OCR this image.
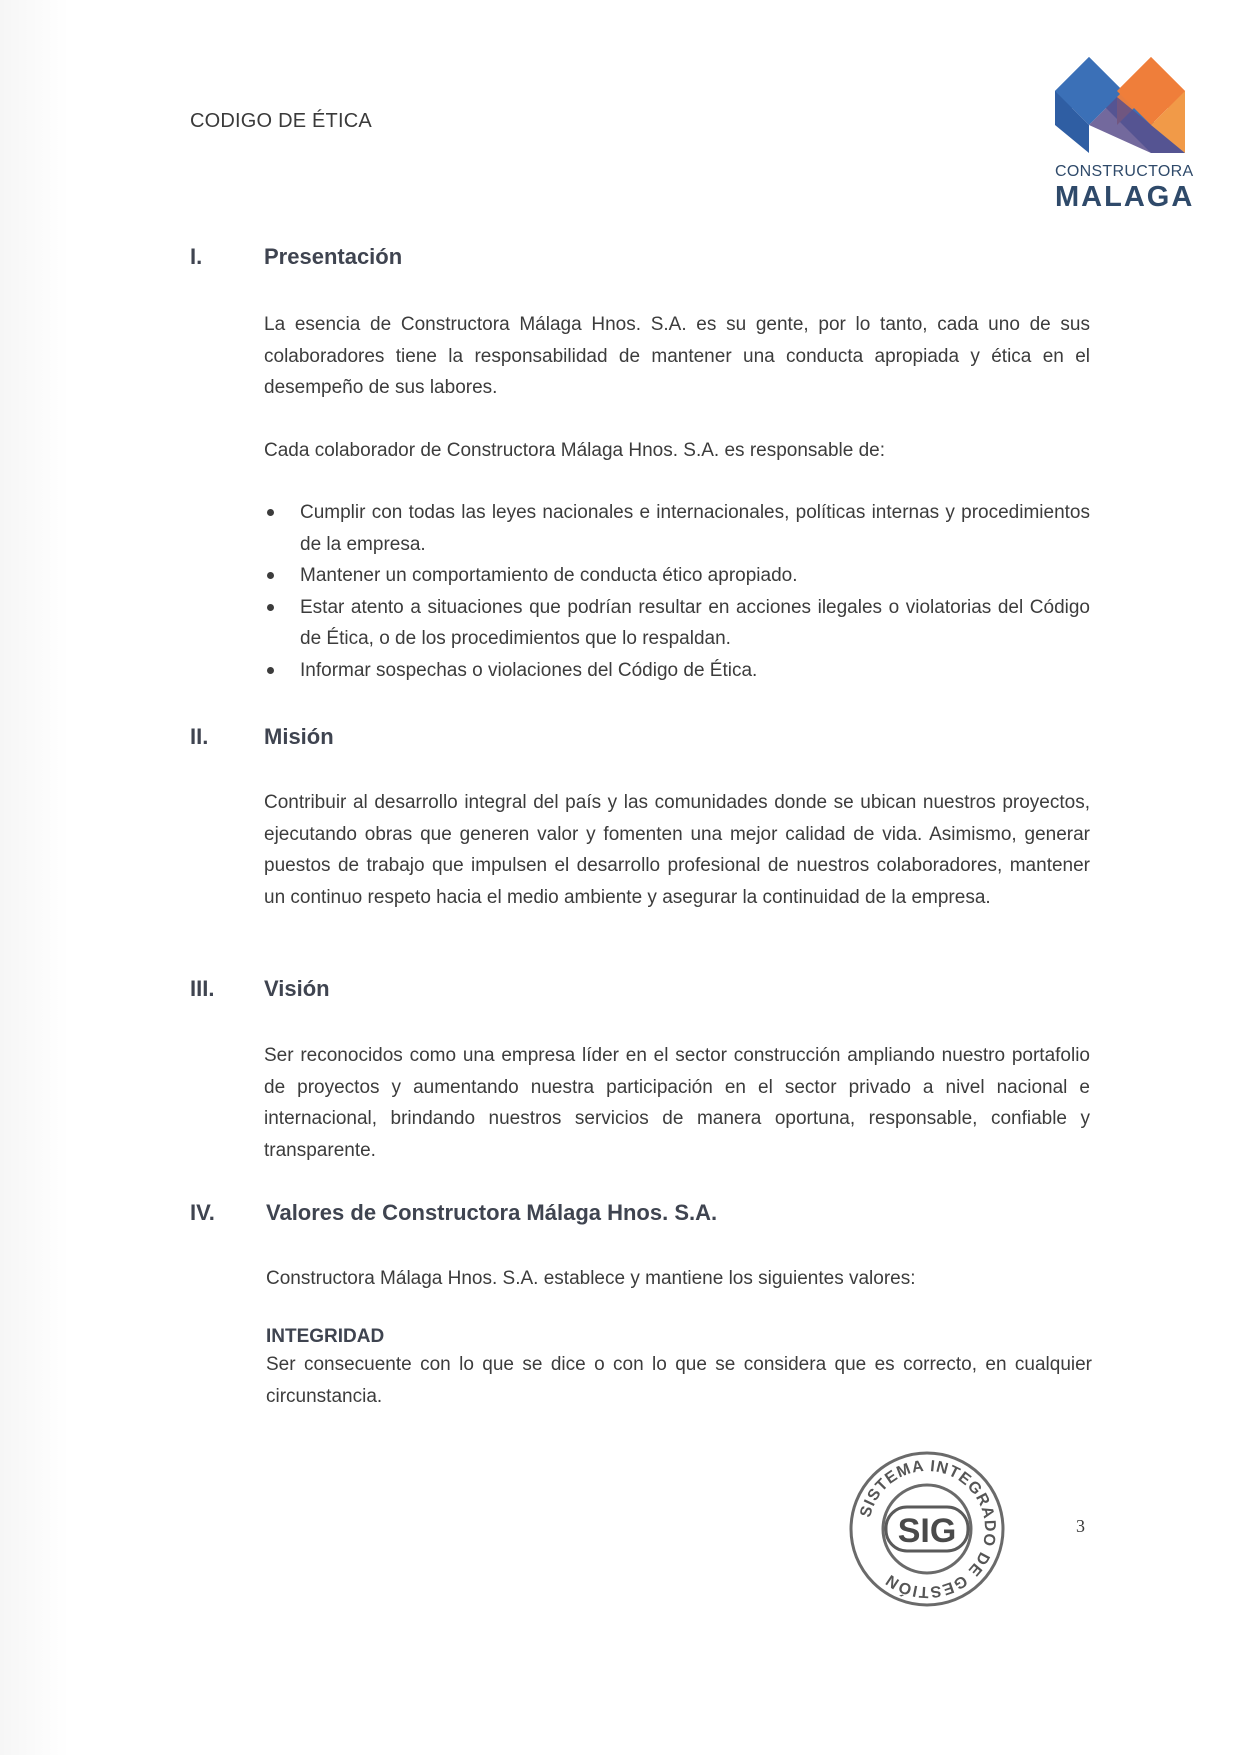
CODIGO DE ÉTICA
CONSTRUCTORA
MALAGA
I.	Presentación
La esencia de Constructora Málaga Hnos. S.A. es su gente, por lo tanto, cada uno de sus colaboradores tiene la responsabilidad de mantener una conducta apropiada y ética en el desempeño de sus labores.
Cada colaborador de Constructora Málaga Hnos. S.A. es responsable de:
Cumplir con todas las leyes nacionales e internacionales, políticas internas y procedimientos de la empresa.
Mantener un comportamiento de conducta ético apropiado.
Estar atento a situaciones que podrían resultar en acciones ilegales o violatorias del Código de Ética, o de los procedimientos que lo respaldan.
Informar sospechas o violaciones del Código de Ética.
II.	Misión
Contribuir al desarrollo integral del país y las comunidades donde se ubican nuestros proyectos, ejecutando obras que generen valor y fomenten una mejor calidad de vida. Asimismo, generar puestos de trabajo que impulsen el desarrollo profesional de nuestros colaboradores, mantener un continuo respeto hacia el medio ambiente y asegurar la continuidad de la empresa.
III. Visión
Ser reconocidos como una empresa líder en el sector construcción ampliando nuestro portafolio de proyectos y aumentando nuestra participación en el sector privado a nivel nacional e internacional, brindando nuestros servicios de manera oportuna, responsable, confiable y transparente.
IV. Valores de Constructora Málaga Hnos. S.A.
Constructora Málaga Hnos. S.A. establece y mantiene los siguientes valores:
INTEGRIDAD
Ser consecuente con lo que se dice o con lo que se considera que es correcto, en cualquier circunstancia.
SIG
SISTEMA INTEGRADO DE GESTIÓN
3
